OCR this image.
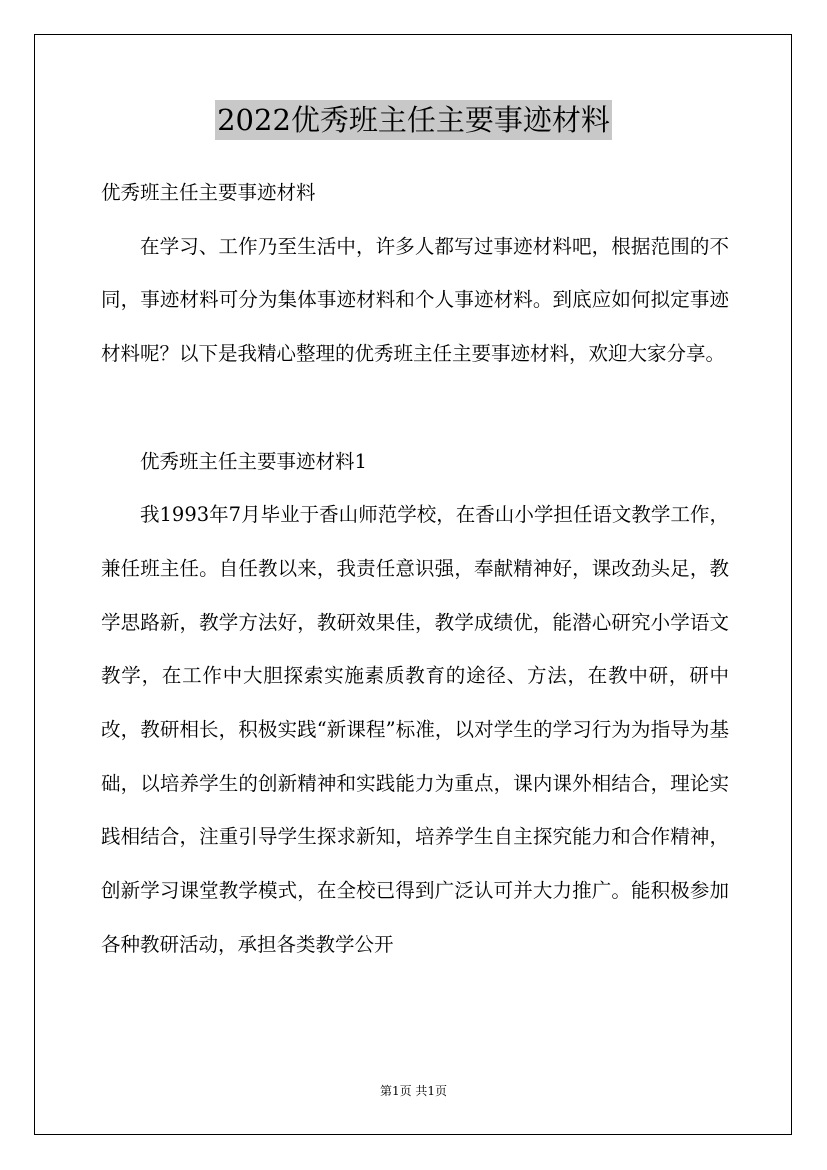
2022优秀班主任主要事迹材料

优秀班主任主要事迹材料

在学习、工作乃至生活中，许多人都写过事迹材料吧，根据范围的不同，事迹材料可分为集体事迹材料和个人事迹材料。到底应如何拟定事迹材料呢？以下是我精心整理的优秀班主任主要事迹材料，欢迎大家分享。

优秀班主任主要事迹材料1

我1993年7月毕业于香山师范学校，在香山小学担任语文教学工作，兼任班主任。自任教以来，我责任意识强，奉献精神好，课改劲头足，教学思路新，教学方法好，教研效果佳，教学成绩优，能潜心研究小学语文教学，在工作中大胆探索实施素质教育的途径、方法，在教中研，研中改，教研相长，积极实践“新课程”标准，以对学生的学习行为为指导为基础，以培养学生的创新精神和实践能力为重点，课内课外相结合，理论实践相结合，注重引导学生探求新知，培养学生自主探究能力和合作精神，创新学习课堂教学模式，在全校已得到广泛认可并大力推广。能积极参加各种教研活动，承担各类教学公开

第1页 共1页
